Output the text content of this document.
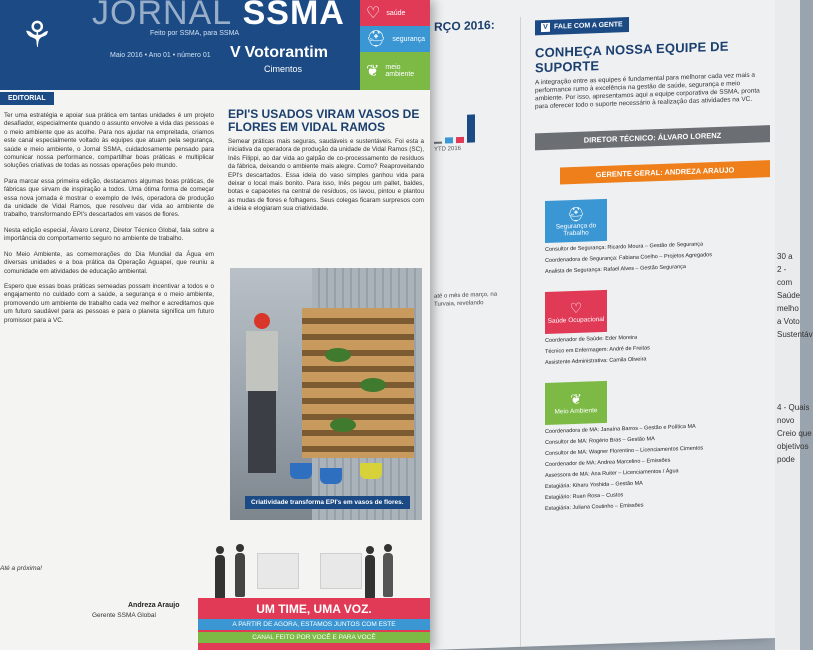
RÇO 2016:
YTD 2016
até o mês de março, na Turvaia, revelando
V FALE COM A GENTE
CONHEÇA NOSSA EQUIPE DE SUPORTE
A integração entre as equipes é fundamental para melhorar cada vez mais a performance rumo à excelência na gestão de saúde, segurança e meio ambiente. Por isso, apresentamos aqui a equipe corporativa de SSMA, pronta para oferecer todo o suporte necessário à realização das atividades na VC.
DIRETOR TÉCNICO: ÁLVARO LORENZ
GERENTE GERAL: ANDREZA ARAUJO
⛑
Segurança do Trabalho
Consultor de Segurança: Ricardo Moura – Gestão de Segurança
Coordenadora de Segurança: Fabiana Coelho – Projetos Agregados
Analista de Segurança: Rafael Alves – Gestão Segurança
♡
Saúde Ocupacional
Coordenador de Saúde: Eder Moreira
Técnico em Enfermagem: André de Freitas
Assistente Administrativa: Camila Oliveira
❦
Meio Ambiente
Coordenadora de MA: Janaína Barros – Gestão e Política MA
Consultor de MA: Rogério Bras – Gestão MA
Consultor de MA: Wagner Florentino – Licenciamentos Cimentos
Coordenador de MA: Andrea Marcelino – Emissões
Assessora de MA: Ana Ruiter – Licenciamentos / Água
Estagiária: Kiharu Yoshida – Gestão MA
Estagiário: Ruan Rosa – Custos
Estagiária: Juliana Coutinho – Emissões
30 a
2 -
com
Saúde
melho
a Voto
Sustentáv
4 - Quais
novo
Creio que
objetivos
pode
⚘
JORNAL SSMA
Feito por SSMA, para SSMA
Maio 2016 • Ano 01 • número 01 V Votorantim
Cimentos
♡ saúde
⛑ segurança
❦ meio ambiente
EDITORIAL

Ter uma estratégia e apoiar sua prática em tantas unidades é um projeto desafiador, especialmente quando o assunto envolve a vida das pessoas e o meio ambiente que as acolhe. Para nos ajudar na empreitada, criamos este canal especialmente voltado às equipes que atuam pela segurança, saúde e meio ambiente, o Jornal SSMA, cuidadosamente pensado para comunicar nossa performance, compartilhar boas práticas e multiplicar soluções criativas de todas as nossas operações pelo mundo.

Para marcar essa primeira edição, destacamos algumas boas práticas, de fábricas que sirvam de inspiração a todos. Uma ótima forma de começar essa nova jornada é mostrar o exemplo de Ivés, operadora de produção da unidade de Vidal Ramos, que resolveu dar vida ao ambiente de trabalho, transformando EPI's descartados em vasos de flores.

Nesta edição especial, Álvaro Lorenz, Diretor Técnico Global, fala sobre a importância do comportamento seguro no ambiente de trabalho.

No Meio Ambiente, as comemorações do Dia Mundial da Água em diversas unidades e a boa prática da Operação Aguapeí, que reuniu a comunidade em atividades de educação ambiental.

Espero que essas boas práticas semeadas possam incentivar a todos e o engajamento no cuidado com a saúde, a segurança e o meio ambiente, promovendo um ambiente de trabalho cada vez melhor e acreditamos que um futuro saudável para as pessoas e para o planeta significa um futuro promissor para a VC.

Até a próxima!
Andreza Araujo
Gerente SSMA Global
EPI'S USADOS VIRAM VASOS DE FLORES EM VIDAL RAMOS
Semear práticas mais seguras, saudáveis e sustentáveis. Foi esta a iniciativa da operadora de produção da unidade de Vidal Ramos (SC), Inês Filippi, ao dar vida ao galpão de co-processamento de resíduos da fábrica, deixando o ambiente mais alegre. Como? Reaproveitando EPI's descartados. Essa ideia do vaso simples ganhou vida para deixar o local mais bonito. Para isso, Inês pegou um pallet, baldes, botas e capacetes na central de resíduos, os lavou, pintou e plantou as mudas de flores e folhagens. Seus colegas ficaram surpresos com a ideia e elogiaram sua criatividade.
Criatividade transforma EPI's em vasos de flores.
UM TIME, UMA VOZ.
A PARTIR DE AGORA, ESTAMOS JUNTOS COM ESTE
CANAL FEITO POR VOCÊ E PARA VOCÊ
